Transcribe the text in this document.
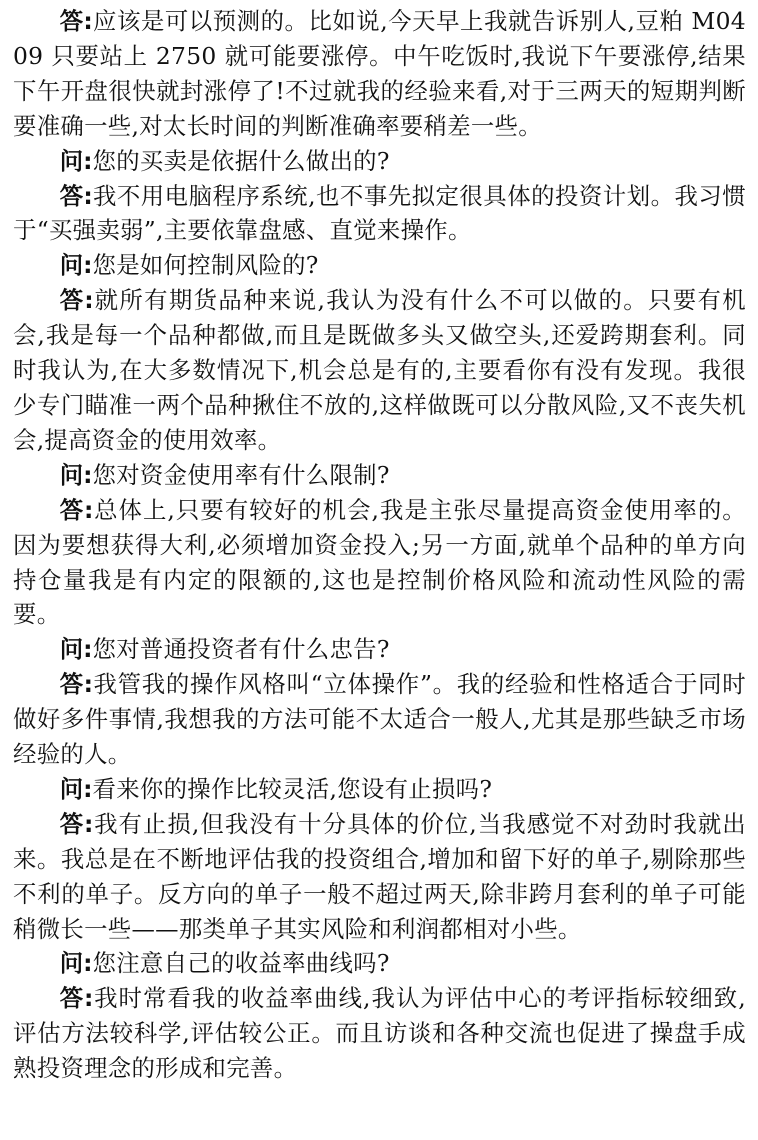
答:应该是可以预测的。比如说,今天早上我就告诉别人,豆粕 M0409 只要站上 2750 就可能要涨停。中午吃饭时,我说下午要涨停,结果下午开盘很快就封涨停了!不过就我的经验来看,对于三两天的短期判断要准确一些,对太长时间的判断准确率要稍差一些。

问:您的买卖是依据什么做出的?

答:我不用电脑程序系统,也不事先拟定很具体的投资计划。我习惯于“买强卖弱”,主要依靠盘感、直觉来操作。

问:您是如何控制风险的?

答:就所有期货品种来说,我认为没有什么不可以做的。只要有机会,我是每一个品种都做,而且是既做多头又做空头,还爱跨期套利。同时我认为,在大多数情况下,机会总是有的,主要看你有没有发现。我很少专门瞄准一两个品种揪住不放的,这样做既可以分散风险,又不丧失机会,提高资金的使用效率。

问:您对资金使用率有什么限制?

答:总体上,只要有较好的机会,我是主张尽量提高资金使用率的。因为要想获得大利,必须增加资金投入;另一方面,就单个品种的单方向持仓量我是有内定的限额的,这也是控制价格风险和流动性风险的需要。

问:您对普通投资者有什么忠告?

答:我管我的操作风格叫“立体操作”。我的经验和性格适合于同时做好多件事情,我想我的方法可能不太适合一般人,尤其是那些缺乏市场经验的人。

问:看来你的操作比较灵活,您设有止损吗?

答:我有止损,但我没有十分具体的价位,当我感觉不对劲时我就出来。我总是在不断地评估我的投资组合,增加和留下好的单子,剔除那些不利的单子。反方向的单子一般不超过两天,除非跨月套利的单子可能稍微长一些——那类单子其实风险和利润都相对小些。

问:您注意自己的收益率曲线吗?

答:我时常看我的收益率曲线,我认为评估中心的考评指标较细致,评估方法较科学,评估较公正。而且访谈和各种交流也促进了操盘手成熟投资理念的形成和完善。
